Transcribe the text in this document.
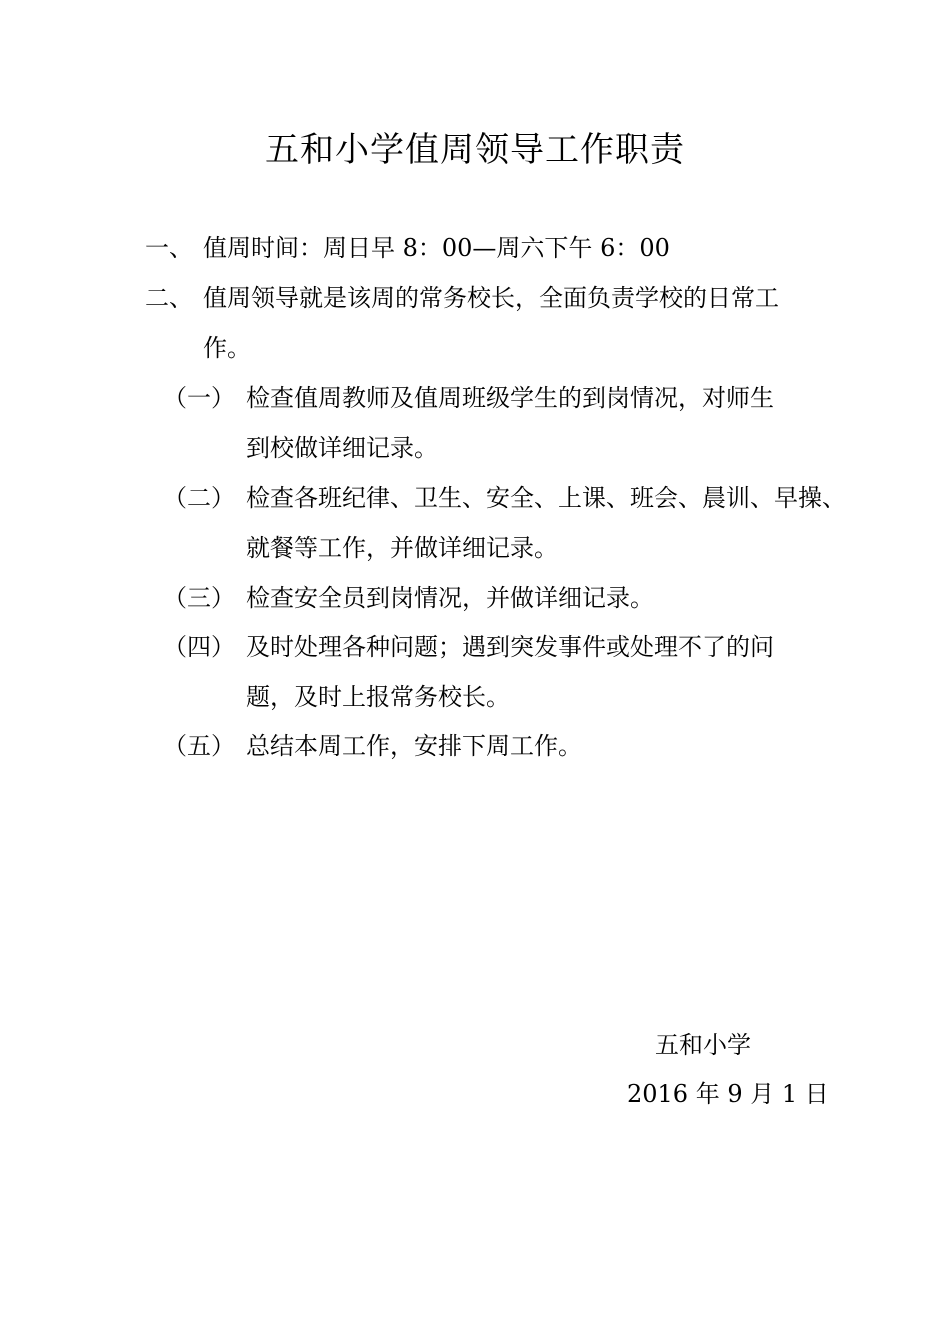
五和小学值周领导工作职责
一、 值周时间：周日早 8：00—周六下午 6：00
二、 值周领导就是该周的常务校长，全面负责学校的日常工
作。
（一） 检查值周教师及值周班级学生的到岗情况，对师生
到校做详细记录。
（二） 检查各班纪律、卫生、安全、上课、班会、晨训、早操、
就餐等工作，并做详细记录。
（三） 检查安全员到岗情况，并做详细记录。
（四） 及时处理各种问题；遇到突发事件或处理不了的问
题，及时上报常务校长。
（五） 总结本周工作，安排下周工作。
五和小学
2016 年 9 月 1 日
